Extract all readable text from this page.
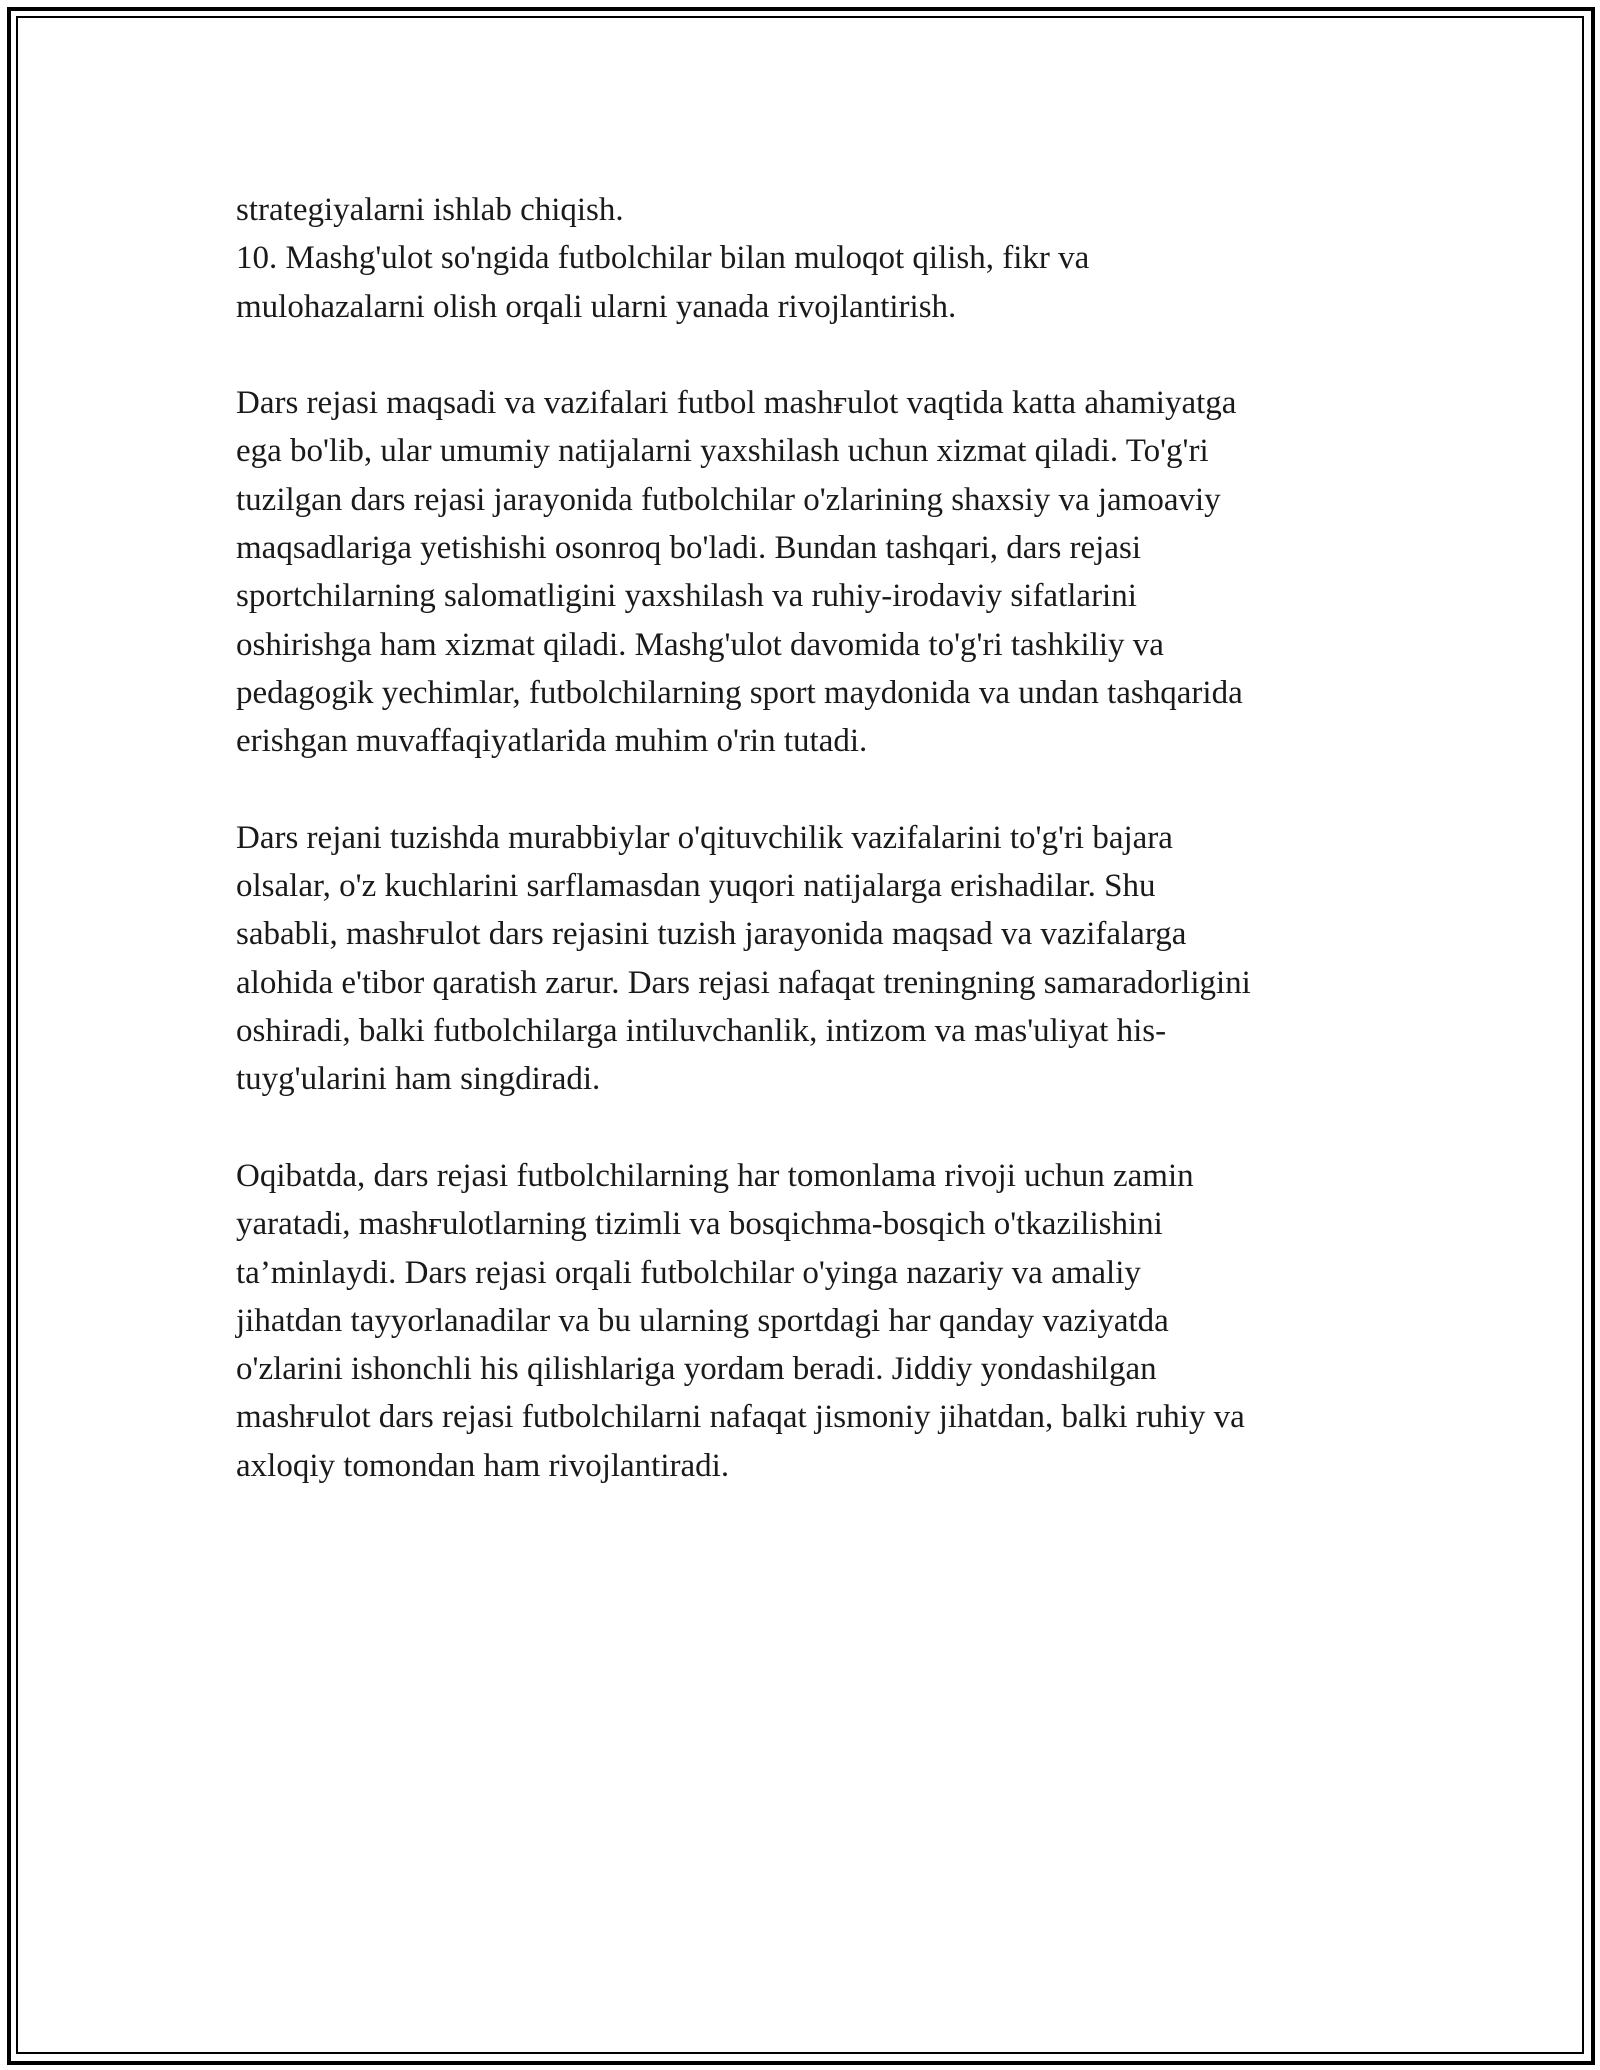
strategiyalarni ishlab chiqish.
10. Mashg'ulot so'ngida futbolchilar bilan muloqot qilish, fikr va
mulohazalarni olish orqali ularni yanada rivojlantirish.
Dars rejasi maqsadi va vazifalari futbol mashғulot vaqtida katta ahamiyatga
ega bo'lib, ular umumiy natijalarni yaxshilash uchun xizmat qiladi. To'g'ri
tuzilgan dars rejasi jarayonida futbolchilar o'zlarining shaxsiy va jamoaviy
maqsadlariga yetishishi osonroq bo'ladi. Bundan tashqari, dars rejasi
sportchilarning salomatligini yaxshilash va ruhiy-irodaviy sifatlarini
oshirishga ham xizmat qiladi. Mashg'ulot davomida to'g'ri tashkiliy va
pedagogik yechimlar, futbolchilarning sport maydonida va undan tashqarida
erishgan muvaffaqiyatlarida muhim o'rin tutadi.
Dars rejani tuzishda murabbiylar o'qituvchilik vazifalarini to'g'ri bajara
olsalar, o'z kuchlarini sarflamasdan yuqori natijalarga erishadilar. Shu
sababli, mashғulot dars rejasini tuzish jarayonida maqsad va vazifalarga
alohida e'tibor qaratish zarur. Dars rejasi nafaqat treningning samaradorligini
oshiradi, balki futbolchilarga intiluvchanlik, intizom va mas'uliyat his-
tuyg'ularini ham singdiradi.
Oqibatda, dars rejasi futbolchilarning har tomonlama rivoji uchun zamin
yaratadi, mashғulotlarning tizimli va bosqichma-bosqich o'tkazilishini
ta’minlaydi. Dars rejasi orqali futbolchilar o'yinga nazariy va amaliy
jihatdan tayyorlanadilar va bu ularning sportdagi har qanday vaziyatda
o'zlarini ishonchli his qilishlariga yordam beradi. Jiddiy yondashilgan
mashғulot dars rejasi futbolchilarni nafaqat jismoniy jihatdan, balki ruhiy va
axloqiy tomondan ham rivojlantiradi.
